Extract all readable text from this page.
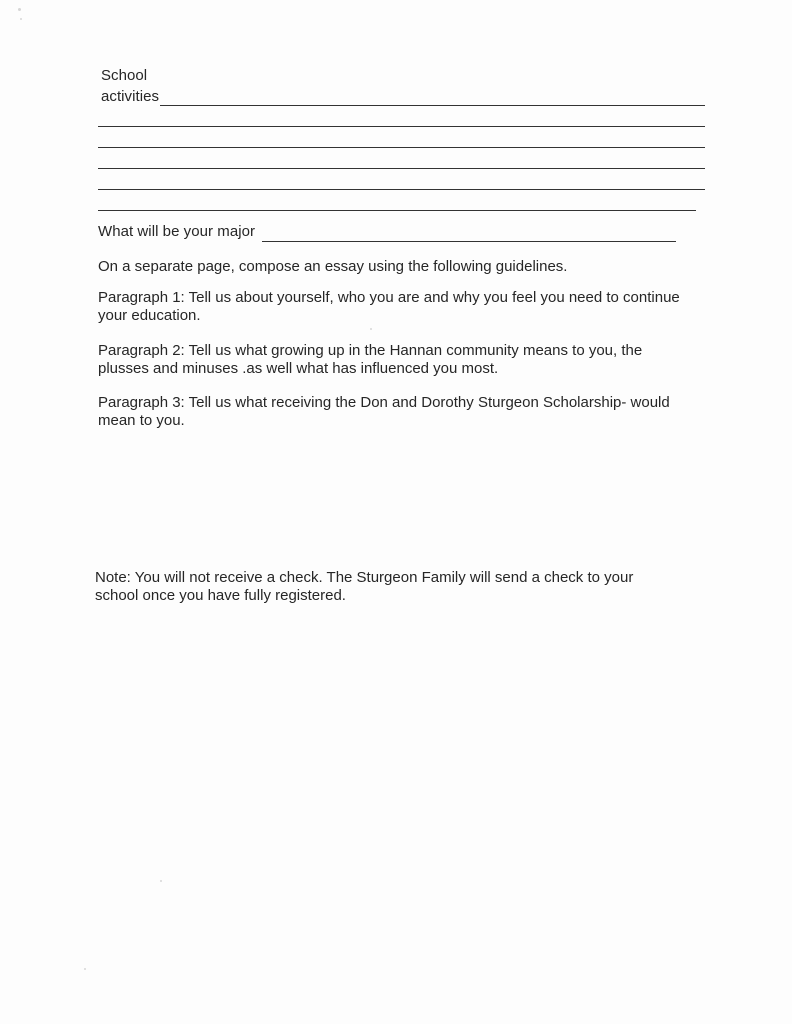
School
activities
What will be your major
On a separate page, compose an essay using the following guidelines.
Paragraph 1: Tell us about yourself, who you are and why you feel you need to continue your education.
Paragraph 2: Tell us what growing up in the Hannan community means to you, the plusses and minuses .as well what has influenced you most.
Paragraph 3: Tell us what receiving the Don and Dorothy Sturgeon Scholarship- would mean to you.
Note: You will not receive a check. The Sturgeon Family will send a check to your school once you have fully registered.
